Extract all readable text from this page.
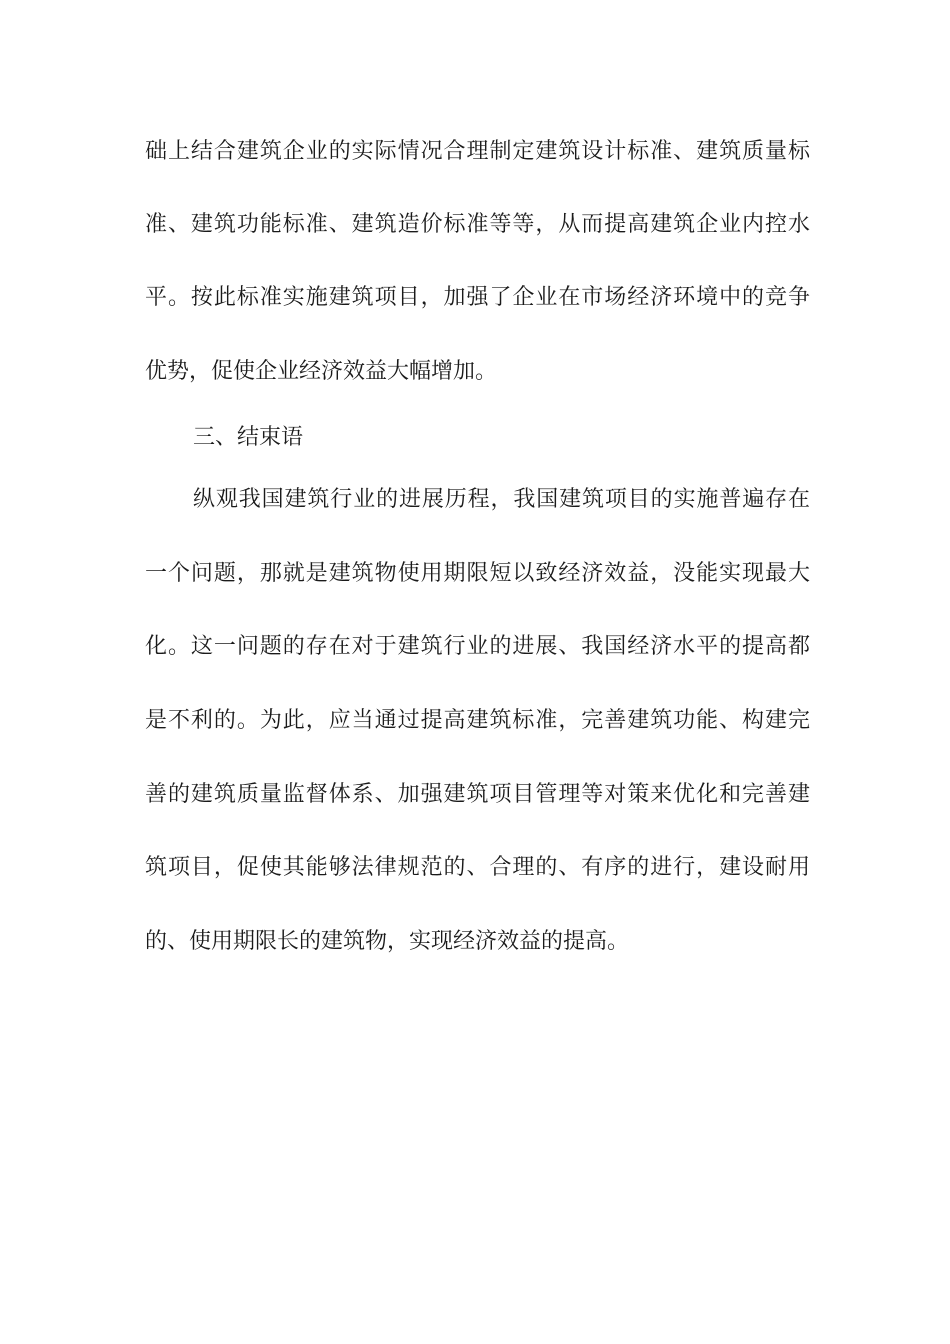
础上结合建筑企业的实际情况合理制定建筑设计标准、建筑质量标
准、建筑功能标准、建筑造价标准等等，从而提高建筑企业内控水
平。按此标准实施建筑项目，加强了企业在市场经济环境中的竞争
优势，促使企业经济效益大幅增加。
三、结束语
纵观我国建筑行业的进展历程，我国建筑项目的实施普遍存在
一个问题，那就是建筑物使用期限短以致经济效益，没能实现最大
化。这一问题的存在对于建筑行业的进展、我国经济水平的提高都
是不利的。为此，应当通过提高建筑标准，完善建筑功能、构建完
善的建筑质量监督体系、加强建筑项目管理等对策来优化和完善建
筑项目，促使其能够法律规范的、合理的、有序的进行，建设耐用
的、使用期限长的建筑物，实现经济效益的提高。
